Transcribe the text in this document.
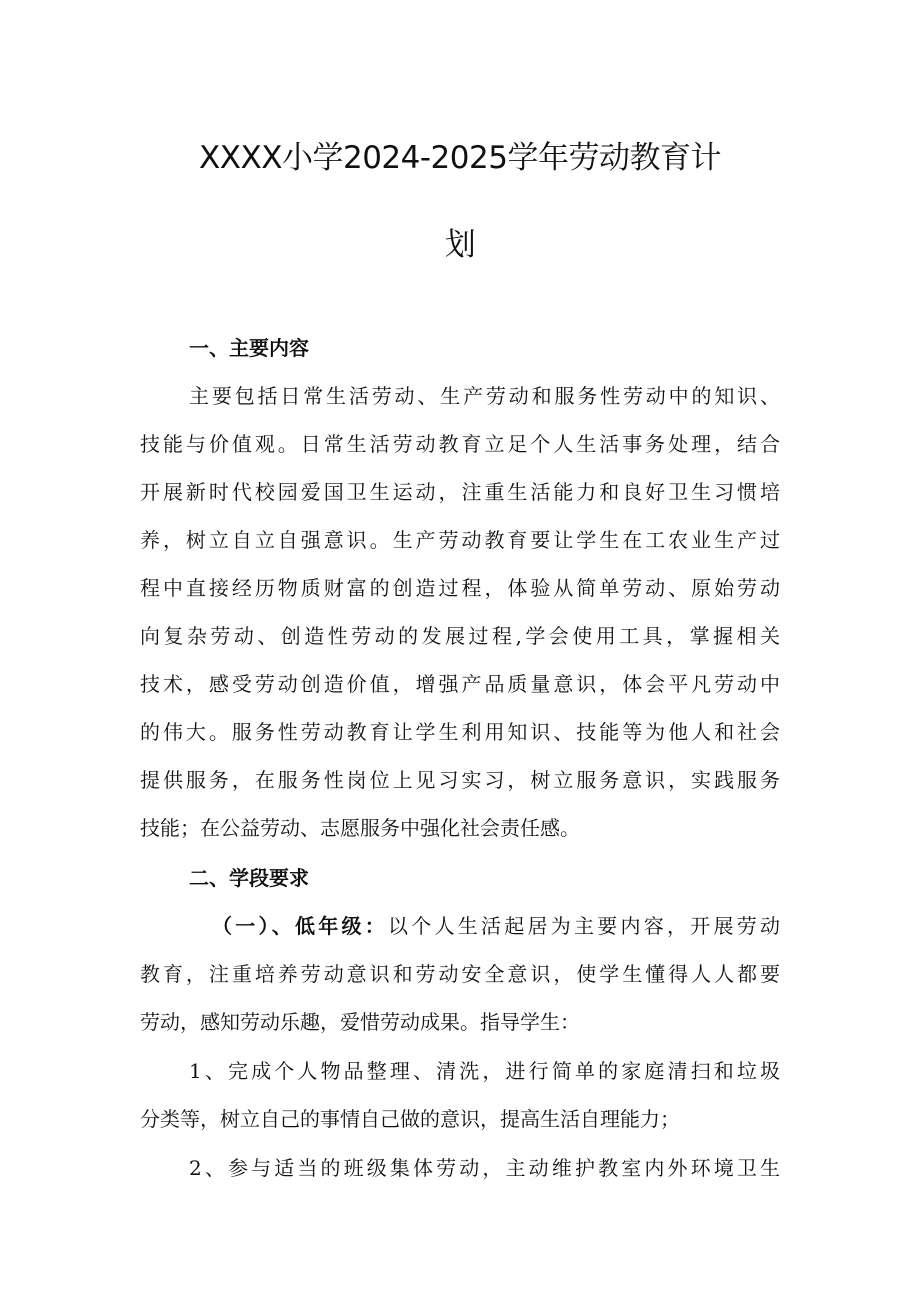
XXXX小学2024-2025学年劳动教育计
划
一、主要内容
主要包括日常生活劳动、生产劳动和服务性劳动中的知识、
技能与价值观。日常生活劳动教育立足个人生活事务处理，结合
开展新时代校园爱国卫生运动，注重生活能力和良好卫生习惯培
养，树立自立自强意识。生产劳动教育要让学生在工农业生产过
程中直接经历物质财富的创造过程，体验从简单劳动、原始劳动
向复杂劳动、创造性劳动的发展过程,学会使用工具，掌握相关
技术，感受劳动创造价值，增强产品质量意识，体会平凡劳动中
的伟大。服务性劳动教育让学生利用知识、技能等为他人和社会
提供服务，在服务性岗位上见习实习，树立服务意识，实践服务
技能；在公益劳动、志愿服务中强化社会责任感。
二、学段要求
（一）、低年级：以个人生活起居为主要内容，开展劳动
教育，注重培养劳动意识和劳动安全意识，使学生懂得人人都要
劳动，感知劳动乐趣，爱惜劳动成果。指导学生：
1、完成个人物品整理、清洗，进行简单的家庭清扫和垃圾
分类等，树立自己的事情自己做的意识，提高生活自理能力；
2、参与适当的班级集体劳动，主动维护教室内外环境卫生
